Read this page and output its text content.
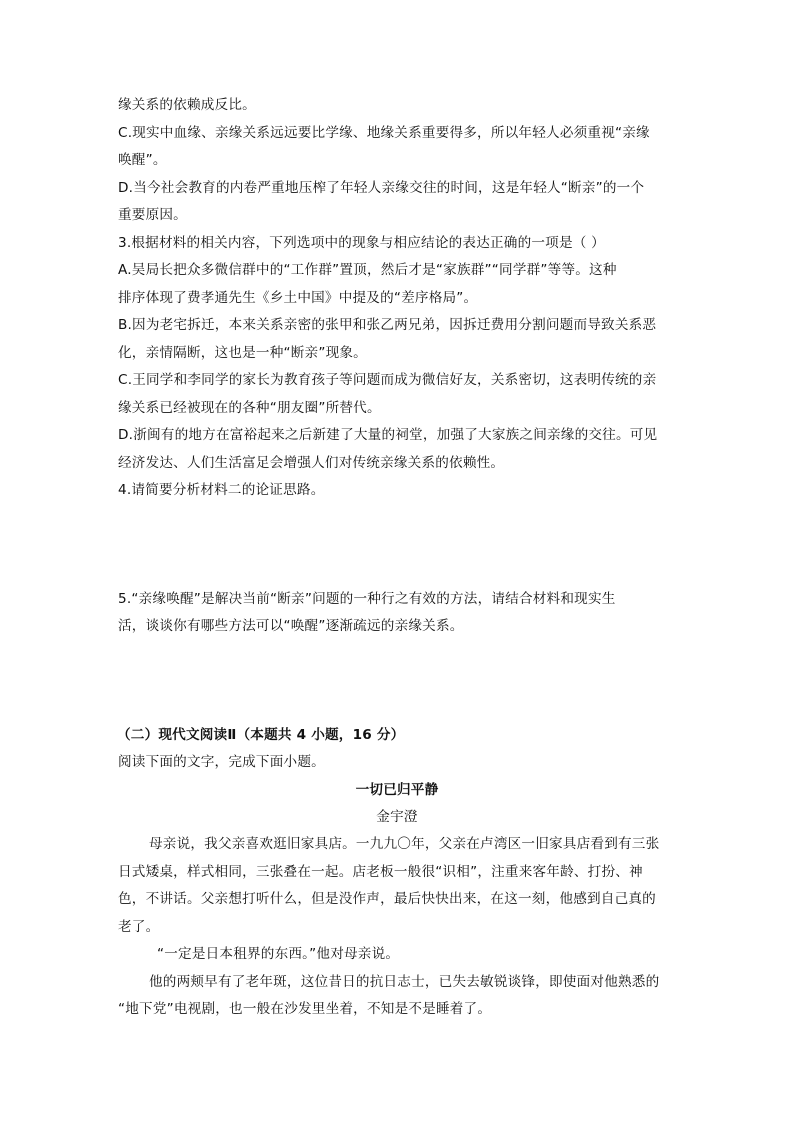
缘关系的依赖成反比。
C.现实中血缘、亲缘关系远远要比学缘、地缘关系重要得多，所以年轻人必须重视“亲缘
唤醒”。
D.当今社会教育的内卷严重地压榨了年轻人亲缘交往的时间，这是年轻人“断亲”的一个
重要原因。
3.根据材料的相关内容，下列选项中的现象与相应结论的表达正确的一项是（ ）
A.吴局长把众多微信群中的“工作群”置顶，然后才是“家族群”“同学群”等等。这种
排序体现了费孝通先生《乡土中国》中提及的“差序格局”。
B.因为老宅拆迁，本来关系亲密的张甲和张乙两兄弟，因拆迁费用分割问题而导致关系恶
化，亲情隔断，这也是一种“断亲”现象。
C.王同学和李同学的家长为教育孩子等问题而成为微信好友，关系密切，这表明传统的亲
缘关系已经被现在的各种“朋友圈”所替代。
D.浙闽有的地方在富裕起来之后新建了大量的祠堂，加强了大家族之间亲缘的交往。可见
经济发达、人们生活富足会增强人们对传统亲缘关系的依赖性。
4.请简要分析材料二的论证思路。
5.“亲缘唤醒”是解决当前“断亲”问题的一种行之有效的方法，请结合材料和现实生
活，谈谈你有哪些方法可以“唤醒”逐渐疏远的亲缘关系。
（二）现代文阅读Ⅱ（本题共 4 小题，16 分）
阅读下面的文字，完成下面小题。
一切已归平静
金宇澄
母亲说，我父亲喜欢逛旧家具店。一九九〇年，父亲在卢湾区一旧家具店看到有三张
日式矮桌，样式相同，三张叠在一起。店老板一般很“识相”，注重来客年龄、打扮、神
色，不讲话。父亲想打听什么，但是没作声，最后快快出来，在这一刻，他感到自己真的
老了。
“一定是日本租界的东西。”他对母亲说。
他的两颊早有了老年斑，这位昔日的抗日志士，已失去敏锐谈锋，即使面对他熟悉的
“地下党”电视剧，也一般在沙发里坐着，不知是不是睡着了。
